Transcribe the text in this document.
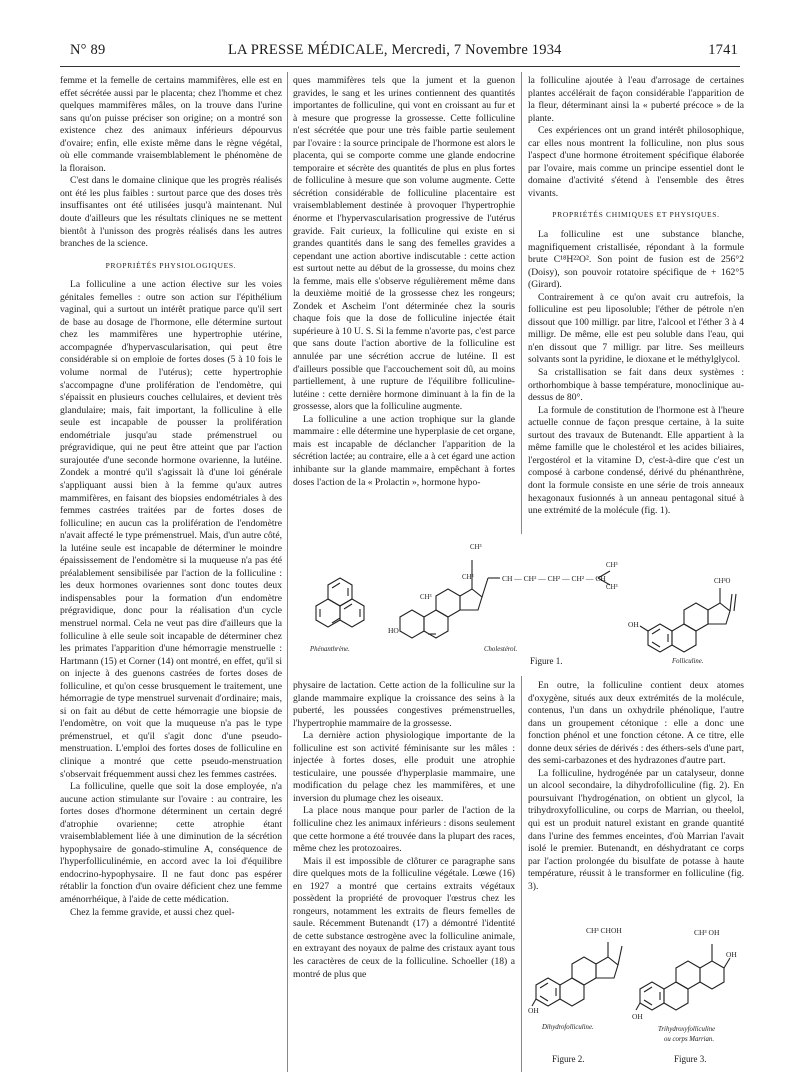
N° 89	LA PRESSE MÉDICALE, Mercredi, 7 Novembre 1934	1741

femme et la femelle de certains mammifères, elle est en effet sécrétée aussi par le placenta; chez l'homme et chez quelques mammifères mâles, on la trouve dans l'urine sans qu'on puisse préciser son origine; on a montré son existence chez des animaux inférieurs dépourvus d'ovaire; enfin, elle existe même dans le règne végétal, où elle commande vraisemblablement le phénomène de la floraison.

C'est dans le domaine clinique que les progrès réalisés ont été les plus faibles : surtout parce que des doses très insuffisantes ont été utilisées jusqu'à maintenant. Nul doute d'ailleurs que les résultats cliniques ne se mettent bientôt à l'unisson des progrès réalisés dans les autres branches de la science.

PROPRIÉTÉS PHYSIOLOGIQUES.

La folliculine a une action élective sur les voies génitales femelles : outre son action sur l'épithélium vaginal, qui a surtout un intérêt pratique parce qu'il sert de base au dosage de l'hormone, elle détermine surtout chez les mammifères une hypertrophie utérine, accompagnée d'hypervascularisation, qui peut être considérable si on emploie de fortes doses (5 à 10 fois le volume normal de l'utérus); cette hypertrophie s'accompagne d'une prolifération de l'endomètre, qui s'épaissit en plusieurs couches cellulaires, et devient très glandulaire; mais, fait important, la folliculine à elle seule est incapable de pousser la prolifération endométriale jusqu'au stade prémenstruel ou prégravidique, qui ne peut être atteint que par l'action surajoutée d'une seconde hormone ovarienne, la lutéine. Zondek a montré qu'il s'agissait là d'une loi générale s'appliquant aussi bien à la femme qu'aux autres mammifères, en faisant des biopsies endométriales à des femmes castrées traitées par de fortes doses de folliculine; en aucun cas la prolifération de l'endomètre n'avait affecté le type prémenstruel. Mais, d'un autre côté, la lutéine seule est incapable de déterminer le moindre épaississement de l'endomètre si la muqueuse n'a pas été préalablement sensibilisée par l'action de la folliculine : les deux hormones ovariennes sont donc toutes deux indispensables pour la formation d'un endomètre prégravidique, donc pour la réalisation d'un cycle menstruel normal. Cela ne veut pas dire d'ailleurs que la folliculine à elle seule soit incapable de déterminer chez les primates l'apparition d'une hémorragie menstruelle : Hartmann (15) et Corner (14) ont montré, en effet, qu'il si on injecte à des guenons castrées de fortes doses de folliculine, et qu'on cesse brusquement le traitement, une hémorragie de type menstruel survenait d'ordinaire; mais, si on fait au début de cette hémorragie une biopsie de l'endomètre, on voit que la muqueuse n'a pas le type prémenstruel, et qu'il s'agit donc d'une pseudo-menstruation. L'emploi des fortes doses de folliculine en clinique a montré que cette pseudo-menstruation s'observait fréquemment aussi chez les femmes castrées.

La folliculine, quelle que soit la dose employée, n'a aucune action stimulante sur l'ovaire : au contraire, les fortes doses d'hormone déterminent un certain degré d'atrophie ovarienne; cette atrophie étant vraisemblablement liée à une diminution de la sécrétion hypophysaire de gonado-stimuline A, conséquence de l'hyperfolliculinémie, en accord avec la loi d'équilibre endocrino-hypophysaire. Il ne faut donc pas espérer rétablir la fonction d'un ovaire déficient chez une femme aménorrhéique, à l'aide de cette médication.

Chez la femme gravide, et aussi chez quel-

ques mammifères tels que la jument et la guenon gravides, le sang et les urines contiennent des quantités importantes de folliculine, qui vont en croissant au fur et à mesure que progresse la grossesse. Cette folliculine n'est sécrétée que pour une très faible partie seulement par l'ovaire : la source principale de l'hormone est alors le placenta, qui se comporte comme une glande endocrine temporaire et sécrète des quantités de plus en plus fortes de folliculine à mesure que son volume augmente. Cette sécrétion considérable de folliculine placentaire est vraisemblablement destinée à provoquer l'hypertrophie énorme et l'hypervascularisation progressive de l'utérus gravide. Fait curieux, la folliculine qui existe en si grandes quantités dans le sang des femelles gravides a cependant une action abortive indiscutable : cette action est surtout nette au début de la grossesse, du moins chez la femme, mais elle s'observe régulièrement même dans la deuxième moitié de la grossesse chez les rongeurs; Zondek et Ascheim l'ont déterminée chez la souris chaque fois que la dose de folliculine injectée était supérieure à 10 U. S. Si la femme n'avorte pas, c'est parce que sans doute l'action abortive de la folliculine est annulée par une sécrétion accrue de lutéine. Il est d'ailleurs possible que l'accouchement soit dû, au moins partiellement, à une rupture de l'équilibre folliculine-lutéine : cette dernière hormone diminuant à la fin de la grossesse, alors que la folliculine augmente.

La folliculine a une action trophique sur la glande mammaire : elle détermine une hyperplasie de cet organe, mais est incapable de déclancher l'apparition de la sécrétion lactée; au contraire, elle a à cet égard une action inhibante sur la glande mammaire, empêchant à fortes doses l'action de la « Prolactin », hormone hypo-

la folliculine ajoutée à l'eau d'arrosage de certaines plantes accélérait de façon considérable l'apparition de la fleur, déterminant ainsi la « puberté précoce » de la plante.

Ces expériences ont un grand intérêt philosophique, car elles nous montrent la folliculine, non plus sous l'aspect d'une hormone étroitement spécifique élaborée par l'ovaire, mais comme un principe essentiel dont le domaine d'activité s'étend à l'ensemble des êtres vivants.

PROPRIÉTÉS CHIMIQUES ET PHYSIQUES.

La folliculine est une substance blanche, magnifiquement cristallisée, répondant à la formule brute C¹⁸H²²O². Son point de fusion est de 256°2 (Doisy), son pouvoir rotatoire spécifique de + 162°5 (Girard).

Contrairement à ce qu'on avait cru autrefois, la folliculine est peu liposoluble; l'éther de pétrole n'en dissout que 100 milligr. par litre, l'alcool et l'éther 3 à 4 milligr. De même, elle est peu soluble dans l'eau, qui n'en dissout que 7 milligr. par litre. Ses meilleurs solvants sont la pyridine, le dioxane et le méthylglycol.

Sa cristallisation se fait dans deux systèmes : orthorhombique à basse température, monoclinique au-dessus de 80°.

La formule de constitution de l'hormone est à l'heure actuelle connue de façon presque certaine, à la suite surtout des travaux de Butenandt. Elle appartient à la même famille que le cholestérol et les acides biliaires, l'ergostérol et la vitamine D, c'est-à-dire que c'est un composé à carbone condensé, dérivé du phénanthrène, dont la formule consiste en une série de trois anneaux hexagonaux fusionnés à un anneau pentagonal situé à une extrémité de la molécule (fig. 1).

CH³
CH — CH² — CH² — CH² — CH
CH³
CH³
CH³
CH³
HO
CH³O
OH
Phénanthrène.	Cholestérol.
Folliculine.
Figure 1.

physaire de lactation. Cette action de la folliculine sur la glande mammaire explique la croissance des seins à la puberté, les poussées congestives prémenstruelles, l'hypertrophie mammaire de la grossesse.

La dernière action physiologique importante de la folliculine est son activité féminisante sur les mâles : injectée à fortes doses, elle produit une atrophie testiculaire, une poussée d'hyperplasie mammaire, une modification du pelage chez les mammifères, et une inversion du plumage chez les oiseaux.

La place nous manque pour parler de l'action de la folliculine chez les animaux inférieurs : disons seulement que cette hormone a été trouvée dans la plupart des races, même chez les protozoaires.

Mais il est impossible de clôturer ce paragraphe sans dire quelques mots de la folliculine végétale. Lœwe (16) en 1927 a montré que certains extraits végétaux possèdent la propriété de provoquer l'œstrus chez les rongeurs, notamment les extraits de fleurs femelles de saule. Récemment Butenandt (17) a démontré l'identité de cette substance œstrogène avec la folliculine animale, en extrayant des noyaux de palme des cristaux ayant tous les caractères de ceux de la folliculine. Schoeller (18) a montré de plus que

En outre, la folliculine contient deux atomes d'oxygène, situés aux deux extrémités de la molécule, contenus, l'un dans un oxhydrile phénolique, l'autre dans un groupement cétonique : elle a donc une fonction phénol et une fonction cétone. A ce titre, elle donne deux séries de dérivés : des éthers-sels d'une part, des semi-carbazones et des hydrazones d'autre part.

La folliculine, hydrogénée par un catalyseur, donne un alcool secondaire, la dihydrofolliculine (fig. 2). En poursuivant l'hydrogénation, on obtient un glycol, la trihydroxyfolliculine, ou corps de Marrian, ou theelol, qui est un produit naturel existant en grande quantité dans l'urine des femmes enceintes, d'où Marrian l'avait isolé le premier. Butenandt, en déshydratant ce corps par l'action prolongée du bisulfate de potasse à haute température, réussit à le transformer en folliculine (fig. 3).

CH³ CHOH
OH
Dihydrofolliculine.
Figure 2.
CH³ OH
OH
OH
Trihydroxyfolliculine
ou corps Marrian.
Figure 3.
